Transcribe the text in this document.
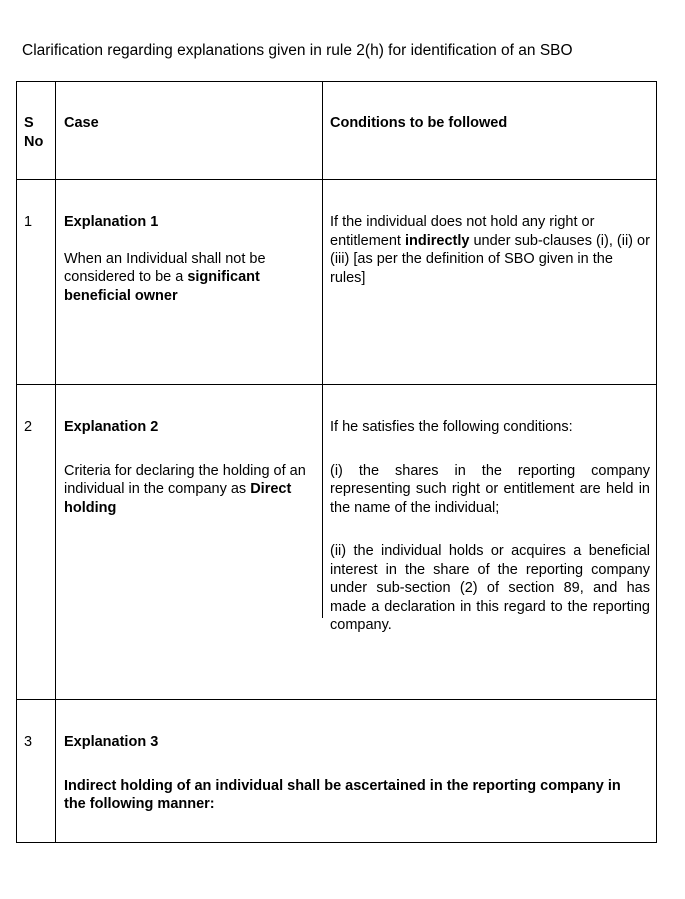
Clarification regarding explanations given in rule 2(h) for identification of an SBO
S No
Case	Conditions to be followed
1 Explanation 1
When an Individual shall not be considered to be a significant beneficial owner
If the individual does not hold any right or entitlement indirectly under sub-clauses (i), (ii) or (iii) [as per the definition of SBO given in the rules]
2 Explanation 2
Criteria for declaring the holding of an individual in the company as Direct holding
If he satisfies the following conditions:
(i) the shares in the reporting company representing such right or entitlement are held in the name of the individual;
(ii) the individual holds or acquires a beneficial interest in the share of the reporting company under sub-section (2) of section 89, and has made a declaration in this regard to the reporting company.
3 Explanation 3
Indirect holding of an individual shall be ascertained in the reporting company in the following manner:
